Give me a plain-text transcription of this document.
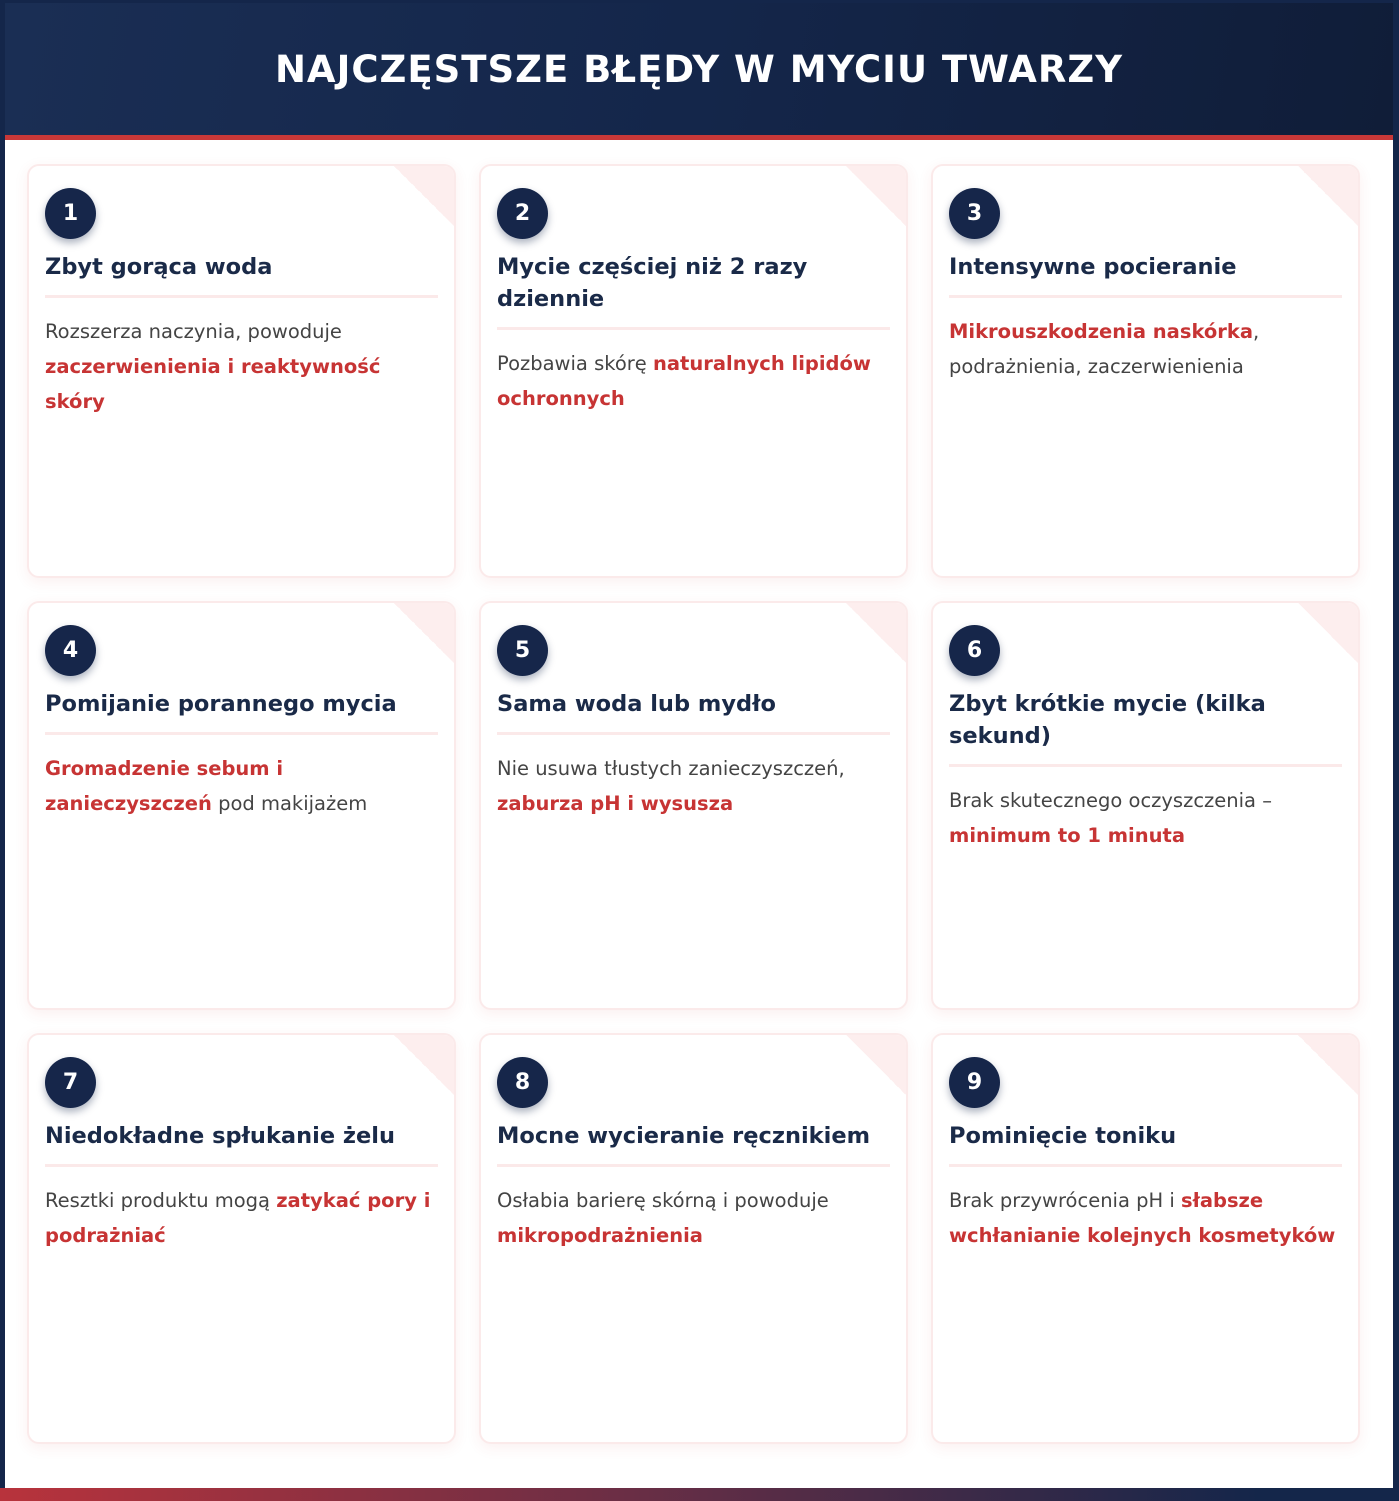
NAJCZĘSTSZE BŁĘDY W MYCIU TWARZY
1
Zbyt gorąca woda
Rozszerza naczynia, powoduje zaczerwienienia i reaktywność skóry
2
Mycie częściej niż 2 razy dziennie
Pozbawia skórę naturalnych lipidów ochronnych
3
Intensywne pocieranie
Mikrouszkodzenia naskórka, podrażnienia, zaczerwienienia
4
Pomijanie porannego mycia
Gromadzenie sebum i zanieczyszczeń pod makijażem
5
Sama woda lub mydło
Nie usuwa tłustych zanieczyszczeń, zaburza pH i wysusza
6
Zbyt krótkie mycie (kilka sekund)
Brak skutecznego oczyszczenia – minimum to 1 minuta
7
Niedokładne spłukanie żelu
Resztki produktu mogą zatykać pory i podrażniać
8
Mocne wycieranie ręcznikiem
Osłabia barierę skórną i powoduje mikropodrażnienia
9
Pominięcie toniku
Brak przywrócenia pH i słabsze wchłanianie kolejnych kosmetyków
